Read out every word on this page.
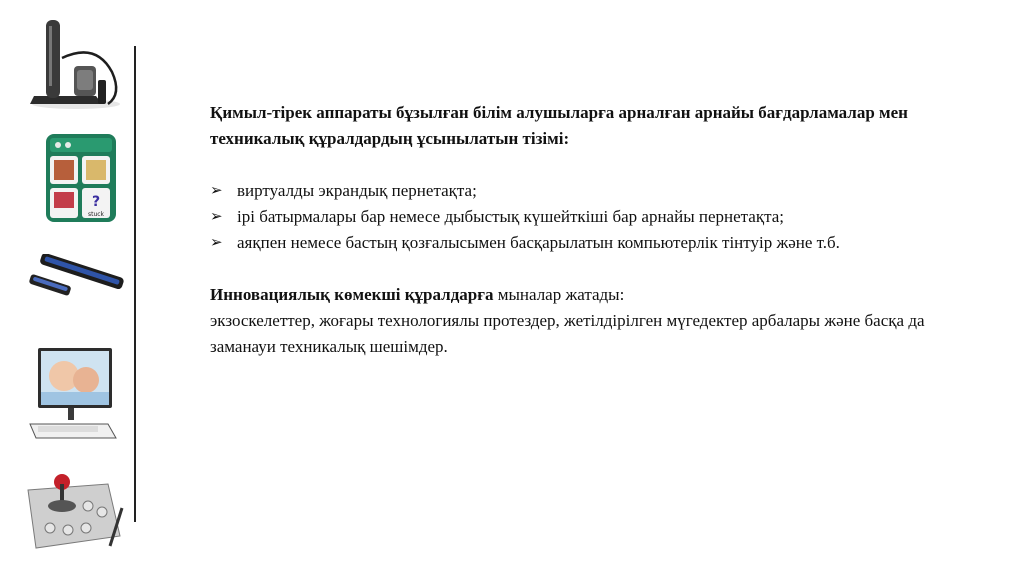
?
stuck

Қимыл-тірек аппараты бұзылған білім алушыларға арналған арнайы бағдарламалар мен техникалық құралдардың ұсынылатын тізімі:

➢ виртуалды экрандық пернетақта;
➢ ірі батырмалары бар немесе дыбыстық күшейткіші бар арнайы пернетақта;
➢ аяқпен немесе бастың қозғалысымен басқарылатын компьютерлік тінтуір және т.б.

Инновациялық көмекші құралдарға мыналар жатады:
экзоскелеттер, жоғары технологиялы протездер, жетілдірілген мүгедектер арбалары және басқа да заманауи техникалық шешімдер.
